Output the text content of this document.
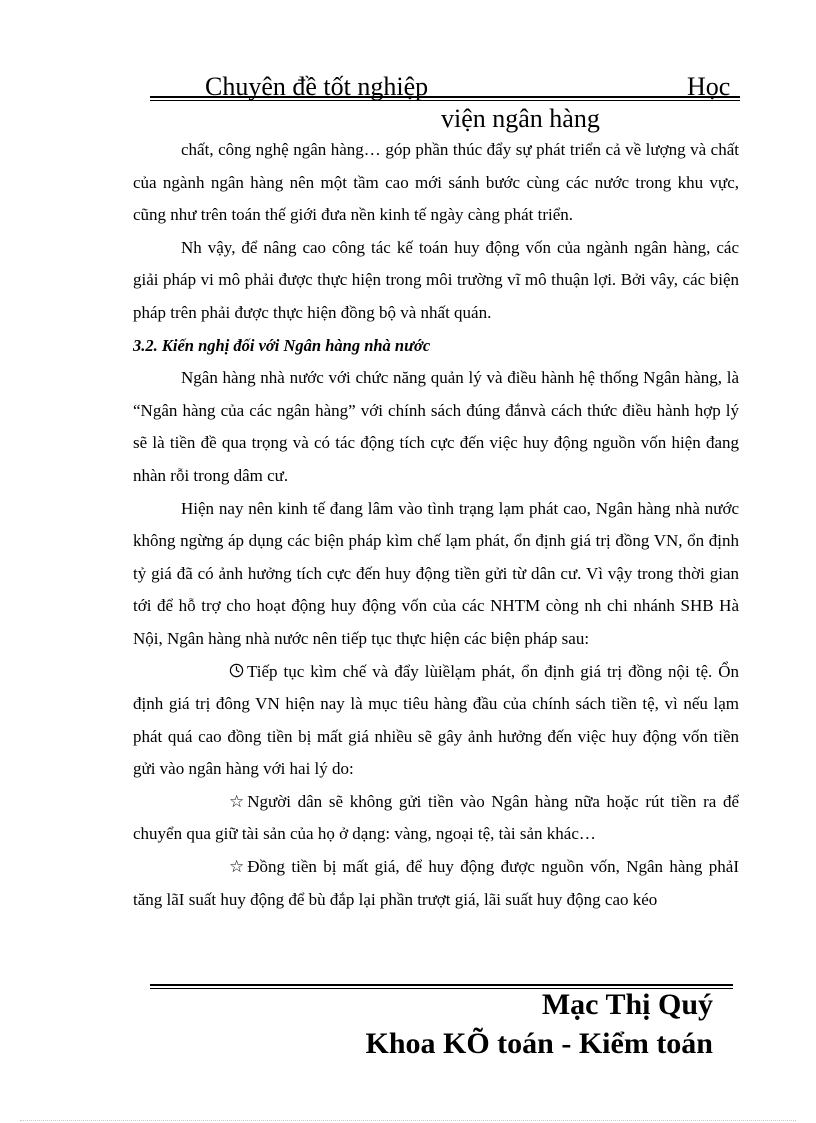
Chuyên đề tốt nghiệp	Học
viện ngân hàng

chất, công nghệ ngân hàng… góp phần thúc đẩy sự phát triển cả về lượng và chất của ngành ngân hàng nên một tầm cao mới sánh bước cùng các nước trong khu vực, cũng như trên toán thế giới đưa nền kinh tế ngày càng phát triển.

Nh vậy, để nâng cao công tác kế toán huy động vốn của ngành ngân hàng, các giải pháp vi mô phải được thực hiện trong môi trường vĩ mô thuận lợi. Bởi vây, các biện pháp trên phải được thực hiện đồng bộ và nhất quán.

3.2. Kiến nghị đối với Ngân hàng nhà nước

Ngân hàng nhà nước với chức năng quản lý và điều hành hệ thống Ngân hàng, là “Ngân hàng của các ngân hàng” với chính sách đúng đắnvà cách thức điều hành hợp lý sẽ là tiền đề qua trọng và có tác động tích cực đến việc huy động nguồn vốn hiện đang nhàn rỗi trong dâm cư.

Hiện nay nên kinh tế đang lâm vào tình trạng lạm phát cao, Ngân hàng nhà nước không ngừng áp dụng các biện pháp kìm chế lạm phát, ổn định giá trị đồng VN, ổn định tỷ giá đã có ảnh hưởng tích cực đến huy động tiền gửi từ dân cư. Vì vậy trong thời gian tới để hỗ trợ cho hoạt động huy động vốn của các NHTM còng nh chi nhánh SHB Hà Nội, Ngân hàng nhà nước nên tiếp tục thực hiện các biện pháp sau:

Tiếp tục kìm chế và đẩy lùiềlạm phát, ổn định giá trị đồng nội tệ. Ổn định giá trị đông VN hiện nay là mục tiêu hàng đầu của chính sách tiền tệ, vì nếu lạm phát quá cao đồng tiền bị mất giá nhiều sẽ gây ảnh hưởng đến việc huy động vốn tiền gửi vào ngân hàng với hai lý do:

☆ Người dân sẽ không gửi tiền vào Ngân hàng nữa hoặc rút tiền ra để chuyển qua giữ tài sản của họ ở dạng: vàng, ngoại tệ, tài sản khác…

☆ Đồng tiền bị mất giá, để huy động được nguồn vốn, Ngân hàng phảI tăng lãI suất huy động để bù đắp lại phần trượt giá, lãi suất huy động cao kéo

Mạc Thị Quý
Khoa KÕ toán - Kiểm toán
